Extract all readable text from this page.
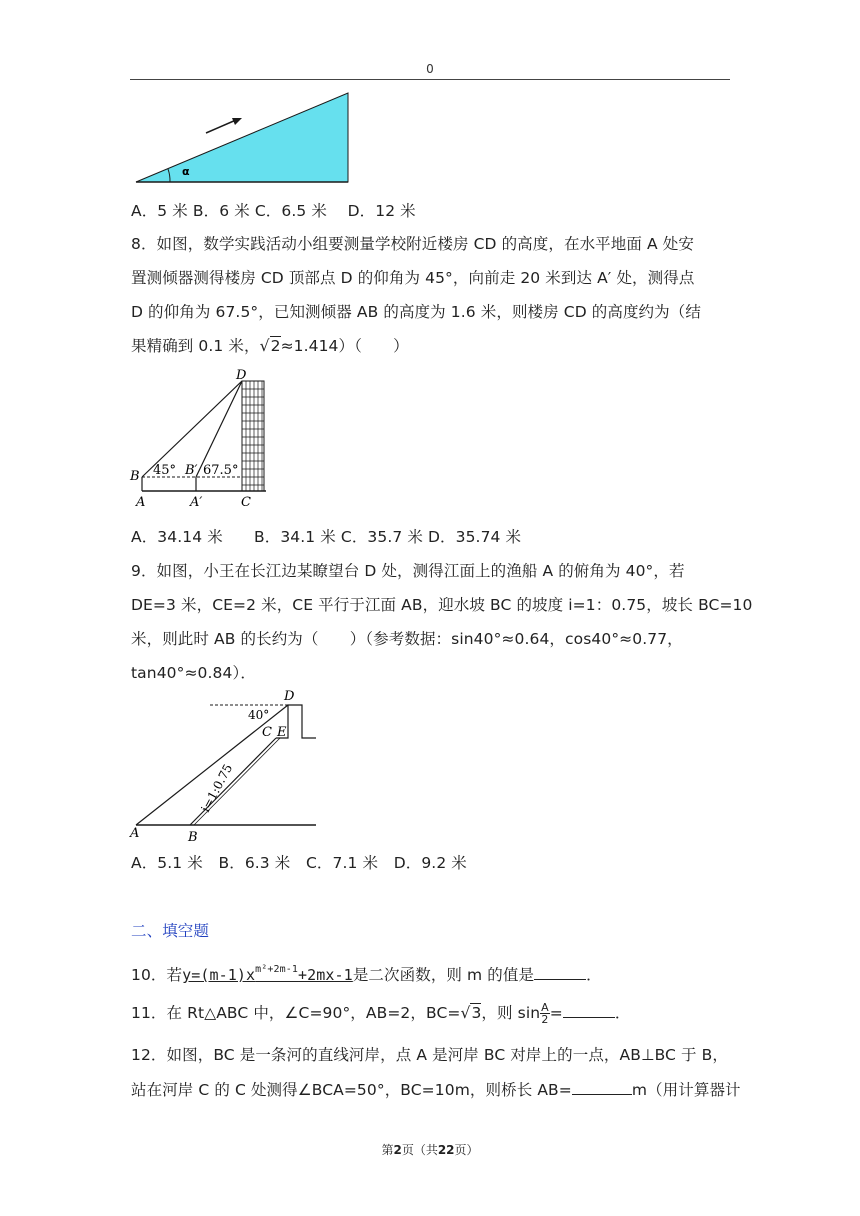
0
α
A．5 米 B．6 米 C．6.5 米　 D．12 米
8．如图，数学实践活动小组要测量学校附近楼房 CD 的高度，在水平地面 A 处安
置测倾器测得楼房 CD 顶部点 D 的仰角为 45°，向前走 20 米到达 A′ 处，测得点
D 的仰角为 67.5°，已知测倾器 AB 的高度为 1.6 米，则楼房 CD 的高度约为（结
果精确到 0.1 米，√2≈1.414）（　　）
D
B 45° B′ 67.5°
A	A′	C
A．34.14 米　　B．34.1 米 C．35.7 米 D．35.74 米
9．如图，小王在长江边某瞭望台 D 处，测得江面上的渔船 A 的俯角为 40°，若
DE=3 米，CE=2 米，CE 平行于江面 AB，迎水坡 BC 的坡度 i=1：0.75，坡长 BC=10
米，则此时 AB 的长约为（　　）（参考数据：sin40°≈0.64，cos40°≈0.77，
tan40°≈0.84）．
D
40°
C E
i=1:0.75
A	B
A．5.1 米　B．6.3 米　C．7.1 米　D．9.2 米
二、填空题
10．若$y=(m-1)x^{m^2+2m-1}+2mx-1$是二次函数，则 m 的值是	．
11．在 Rt△ABC 中，∠C=90°，AB=2，BC=√3，则 $\sin \frac{A}{2}$ =	．
12．如图，BC 是一条河的直线河岸，点 A 是河岸 BC 对岸上的一点，AB⊥BC 于 B，
站在河岸 C 的 C 处测得∠BCA=50°，BC=10m，则桥长 AB=	m（用计算器计
第2页（共22页）
